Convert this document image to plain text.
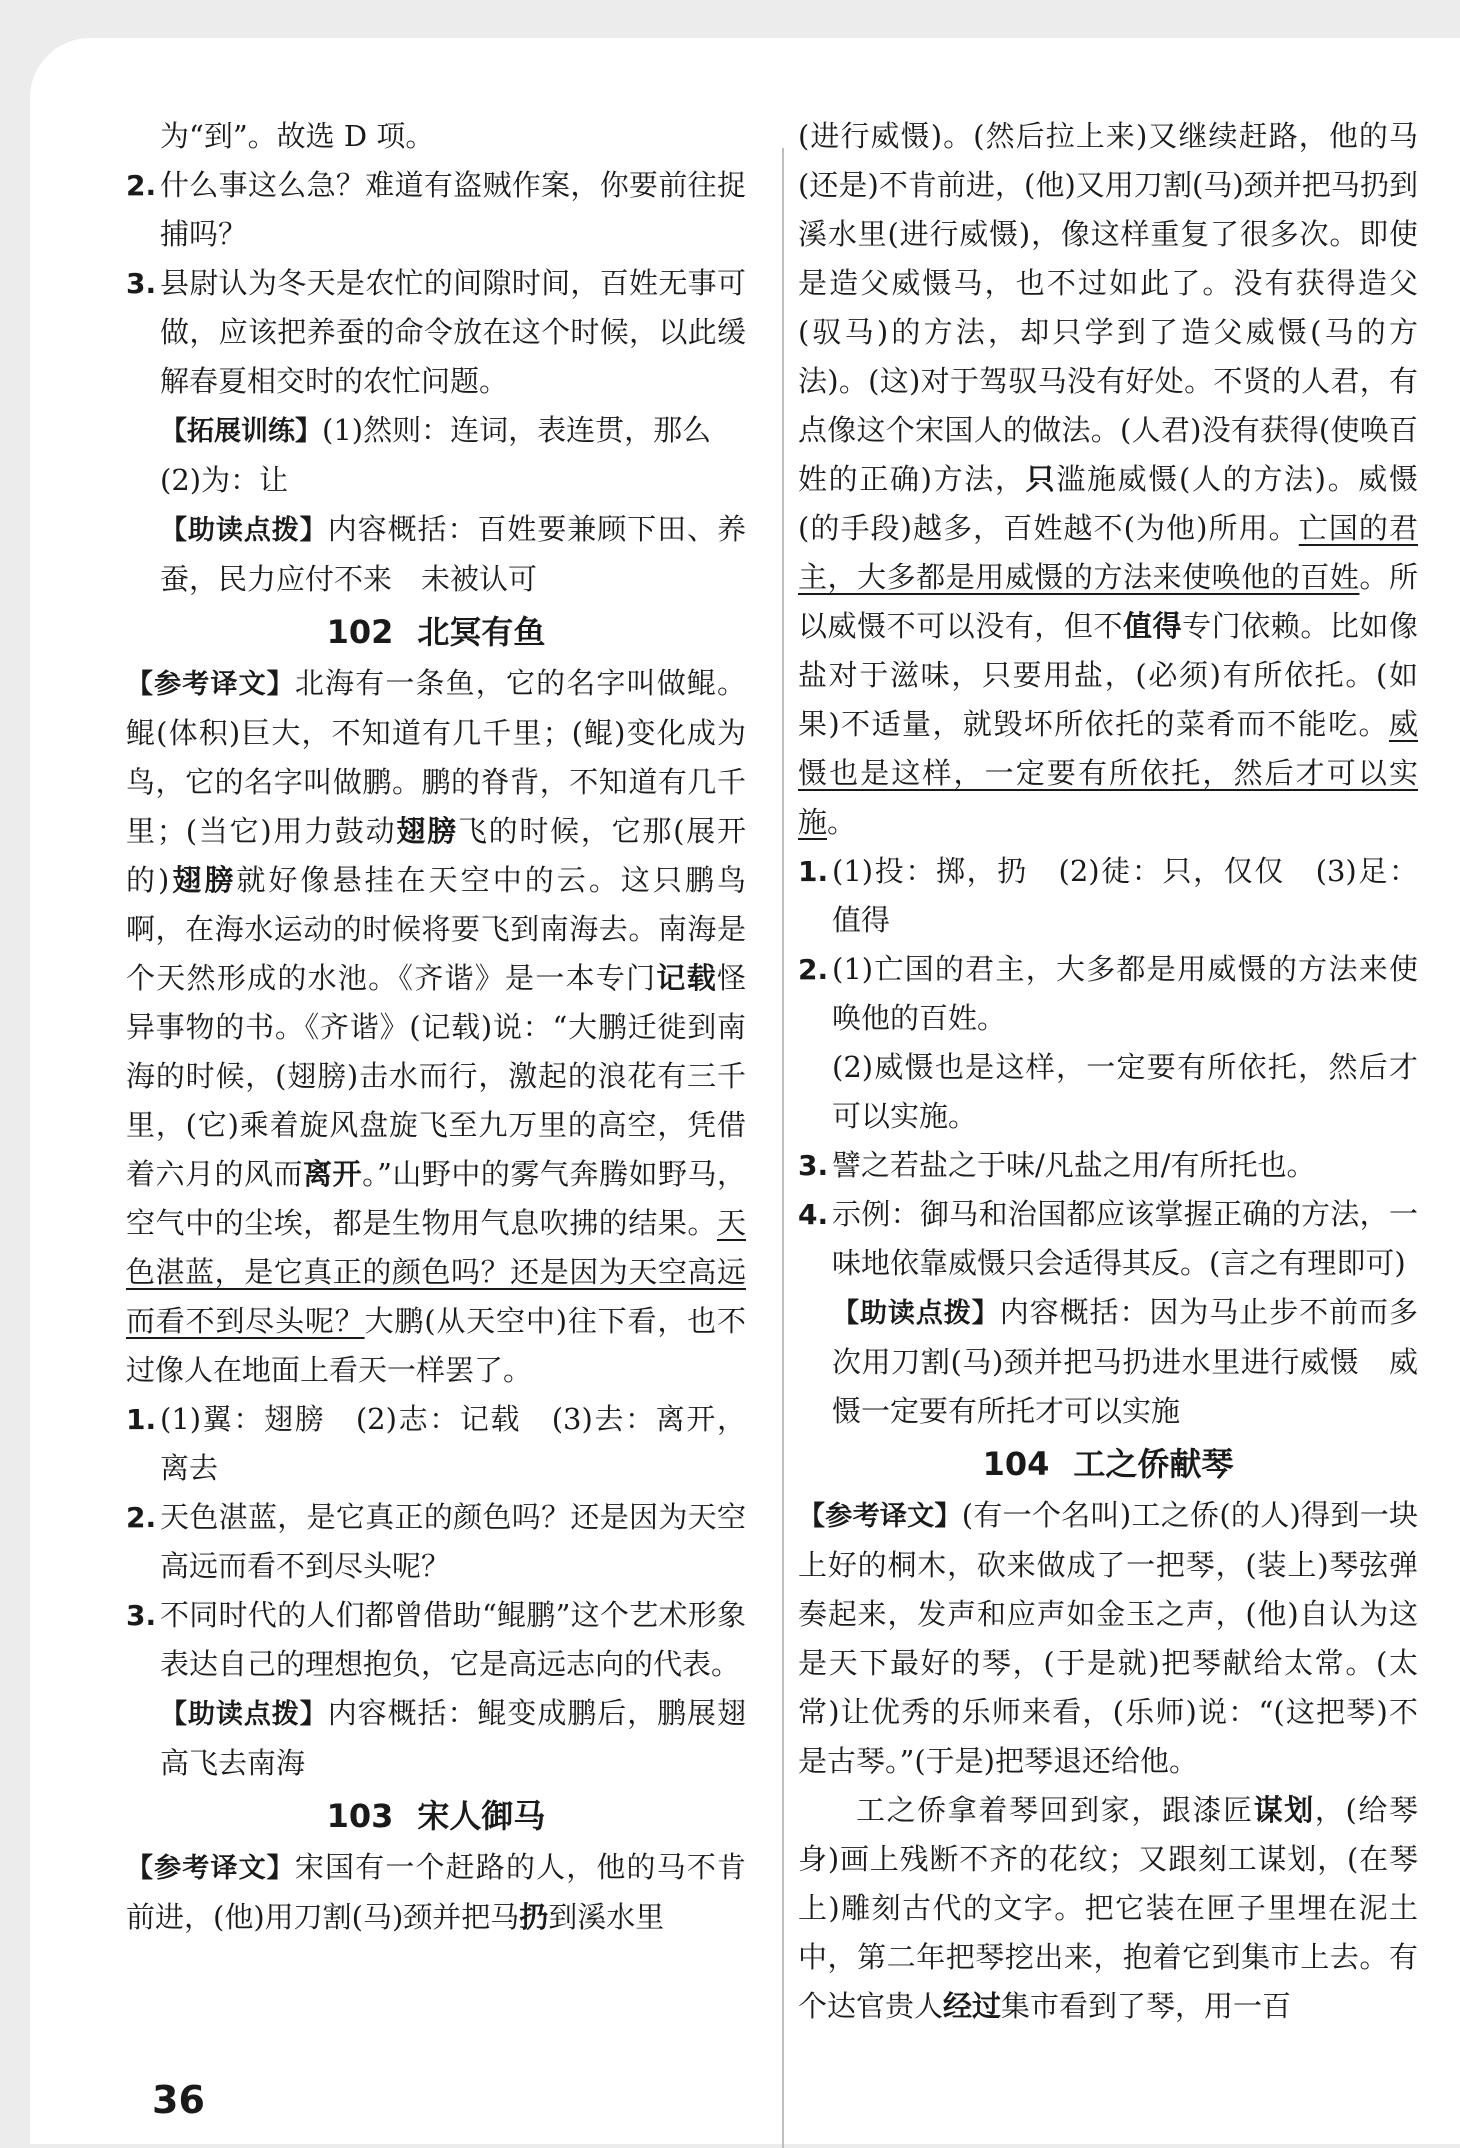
为“到”。故选 D 项。

2. 什么事这么急？难道有盗贼作案，你要前往捉捕吗？
3. 县尉认为冬天是农忙的间隙时间，百姓无事可做，应该把养蚕的命令放在这个时候，以此缓解春夏相交时的农忙问题。

【拓展训练】(1)然则：连词，表连贯，那么

(2)为：让

【助读点拨】内容概括：百姓要兼顾下田、养蚕，民力应付不来　未被认可

102 北冥有鱼

【参考译文】北海有一条鱼，它的名字叫做鲲。鲲(体积)巨大，不知道有几千里；(鲲)变化成为鸟，它的名字叫做鹏。鹏的脊背，不知道有几千里；(当它)用力鼓动翅膀飞的时候，它那(展开的)翅膀就好像悬挂在天空中的云。这只鹏鸟啊，在海水运动的时候将要飞到南海去。南海是个天然形成的水池。《齐谐》是一本专门记载怪异事物的书。《齐谐》(记载)说：“大鹏迁徙到南海的时候，(翅膀)击水而行，激起的浪花有三千里，(它)乘着旋风盘旋飞至九万里的高空，凭借着六月的风而离开。”山野中的雾气奔腾如野马，空气中的尘埃，都是生物用气息吹拂的结果。天色湛蓝，是它真正的颜色吗？还是因为天空高远而看不到尽头呢？大鹏(从天空中)往下看，也不过像人在地面上看天一样罢了。

1. (1)翼：翅膀　(2)志：记载　(3)去：离开，离去
2. 天色湛蓝，是它真正的颜色吗？还是因为天空高远而看不到尽头呢？
3. 不同时代的人们都曾借助“鲲鹏”这个艺术形象表达自己的理想抱负，它是高远志向的代表。

【助读点拨】内容概括：鲲变成鹏后，鹏展翅高飞去南海

103 宋人御马

【参考译文】宋国有一个赶路的人，他的马不肯前进，(他)用刀割(马)颈并把马扔到溪水里

(进行威慑)。(然后拉上来)又继续赶路，他的马(还是)不肯前进，(他)又用刀割(马)颈并把马扔到溪水里(进行威慑)，像这样重复了很多次。即使是造父威慑马，也不过如此了。没有获得造父(驭马)的方法，却只学到了造父威慑(马的方法)。(这)对于驾驭马没有好处。不贤的人君，有点像这个宋国人的做法。(人君)没有获得(使唤百姓的正确)方法，只滥施威慑(人的方法)。威慑(的手段)越多，百姓越不(为他)所用。亡国的君主，大多都是用威慑的方法来使唤他的百姓。所以威慑不可以没有，但不值得专门依赖。比如像盐对于滋味，只要用盐，(必须)有所依托。(如果)不适量，就毁坏所依托的菜肴而不能吃。威慑也是这样，一定要有所依托，然后才可以实施。

1. (1)投：掷，扔　(2)徒：只，仅仅　(3)足：值得
2. (1)亡国的君主，大多都是用威慑的方法来使唤他的百姓。

(2)威慑也是这样，一定要有所依托，然后才可以实施。

3. 譬之若盐之于味/凡盐之用/有所托也。
4. 示例：御马和治国都应该掌握正确的方法，一味地依靠威慑只会适得其反。(言之有理即可)

【助读点拨】内容概括：因为马止步不前而多次用刀割(马)颈并把马扔进水里进行威慑　威慑一定要有所托才可以实施

104 工之侨献琴

【参考译文】(有一个名叫)工之侨(的人)得到一块上好的桐木，砍来做成了一把琴，(装上)琴弦弹奏起来，发声和应声如金玉之声，(他)自认为这是天下最好的琴，(于是就)把琴献给太常。(太常)让优秀的乐师来看，(乐师)说：“(这把琴)不是古琴。”(于是)把琴退还给他。

工之侨拿着琴回到家，跟漆匠谋划，(给琴身)画上残断不齐的花纹；又跟刻工谋划，(在琴上)雕刻古代的文字。把它装在匣子里埋在泥土中，第二年把琴挖出来，抱着它到集市上去。有个达官贵人经过集市看到了琴，用一百

36
